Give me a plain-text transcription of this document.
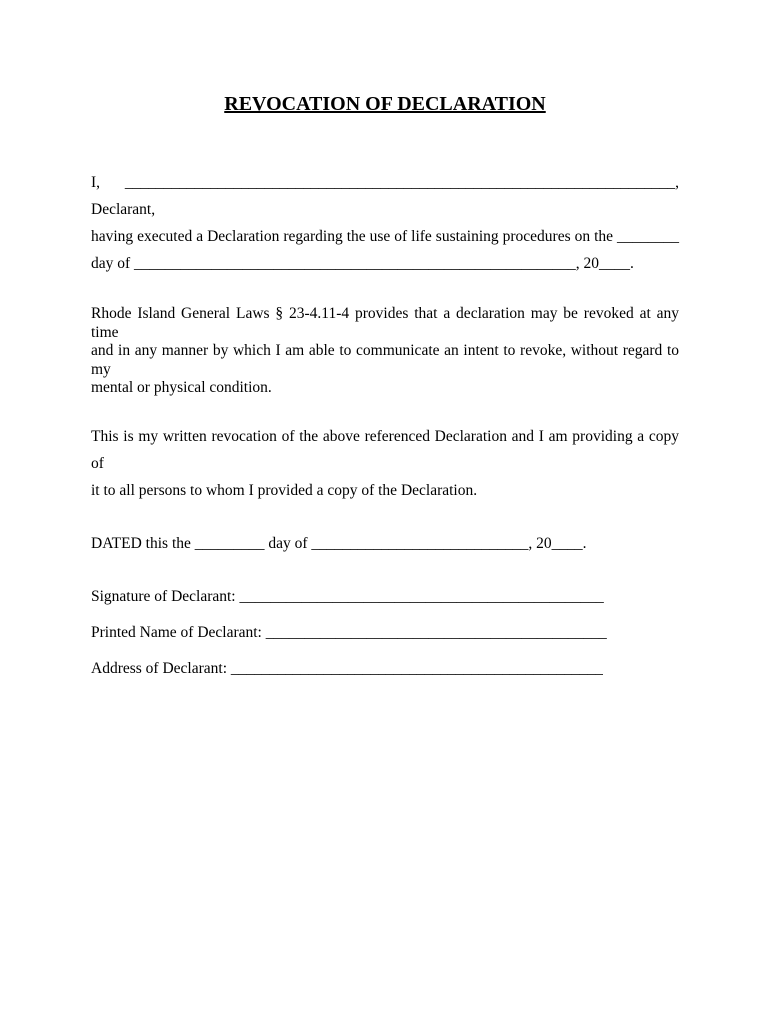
REVOCATION OF DECLARATION
I, _______________________________________________________________________, Declarant,
having executed a Declaration regarding the use of life sustaining procedures on the ________
day of _________________________________________________________, 20____.
Rhode Island General Laws § 23-4.11-4 provides that a declaration may be revoked at any time
and in any manner by which I am able to communicate an intent to revoke, without regard to my
mental or physical condition.
This is my written revocation of the above referenced Declaration and I am providing a copy of
it to all persons to whom I provided a copy of the Declaration.
DATED this the _________ day of ____________________________, 20____.
Signature of Declarant: _______________________________________________
Printed Name of Declarant: ____________________________________________
Address of Declarant: ________________________________________________
